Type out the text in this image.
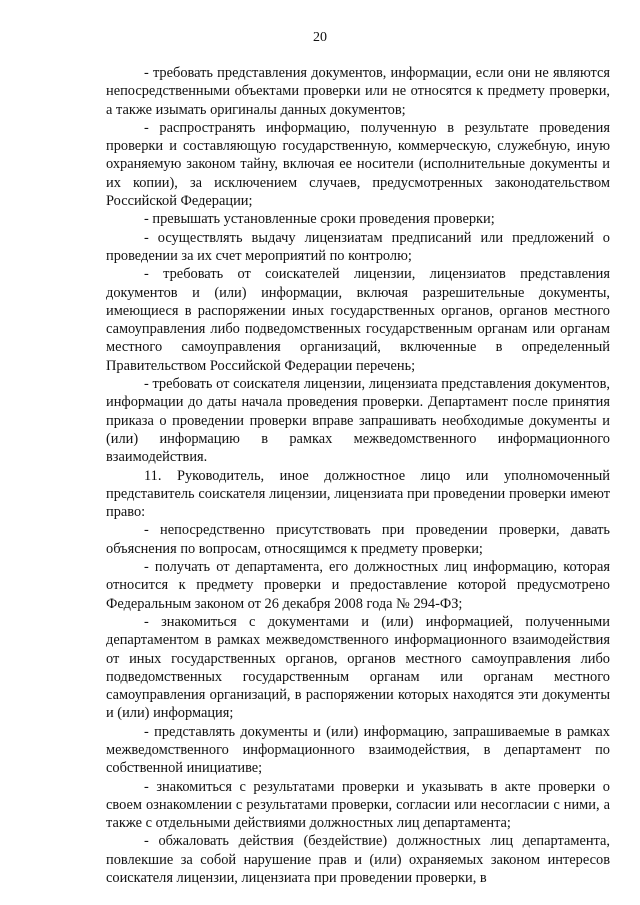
20

- требовать представления документов, информации, если они не являются непосредственными объектами проверки или не относятся к предмету проверки, а также изымать оригиналы данных документов;

- распространять информацию, полученную в результате проведения проверки и составляющую государственную, коммерческую, служебную, иную охраняемую законом тайну, включая ее носители (исполнительные документы и их копии), за исключением случаев, предусмотренных законодательством Российской Федерации;

- превышать установленные сроки проведения проверки;

- осуществлять выдачу лицензиатам предписаний или предложений о проведении за их счет мероприятий по контролю;

- требовать от соискателей лицензии, лицензиатов представления документов и (или) информации, включая разрешительные документы, имеющиеся в распоряжении иных государственных органов, органов местного самоуправления либо подведомственных государственным органам или органам местного самоуправления организаций, включенные в определенный Правительством Российской Федерации перечень;

- требовать от соискателя лицензии, лицензиата представления документов, информации до даты начала проведения проверки. Департамент после принятия приказа о проведении проверки вправе запрашивать необходимые документы и (или) информацию в рамках межведомственного информационного взаимодействия.

11. Руководитель, иное должностное лицо или уполномоченный представитель соискателя лицензии, лицензиата при проведении проверки имеют право:

- непосредственно присутствовать при проведении проверки, давать объяснения по вопросам, относящимся к предмету проверки;

- получать от департамента, его должностных лиц информацию, которая относится к предмету проверки и предоставление которой предусмотрено Федеральным законом от 26 декабря 2008 года № 294-ФЗ;

- знакомиться с документами и (или) информацией, полученными департаментом в рамках межведомственного информационного взаимодействия от иных государственных органов, органов местного самоуправления либо подведомственных государственным органам или органам местного самоуправления организаций, в распоряжении которых находятся эти документы и (или) информация;

- представлять документы и (или) информацию, запрашиваемые в рамках межведомственного информационного взаимодействия, в департамент по собственной инициативе;

- знакомиться с результатами проверки и указывать в акте проверки о своем ознакомлении с результатами проверки, согласии или несогласии с ними, а также с отдельными действиями должностных лиц департамента;

- обжаловать действия (бездействие) должностных лиц департамента, повлекшие за собой нарушение прав и (или) охраняемых законом интересов соискателя лицензии, лицензиата при проведении проверки, в
